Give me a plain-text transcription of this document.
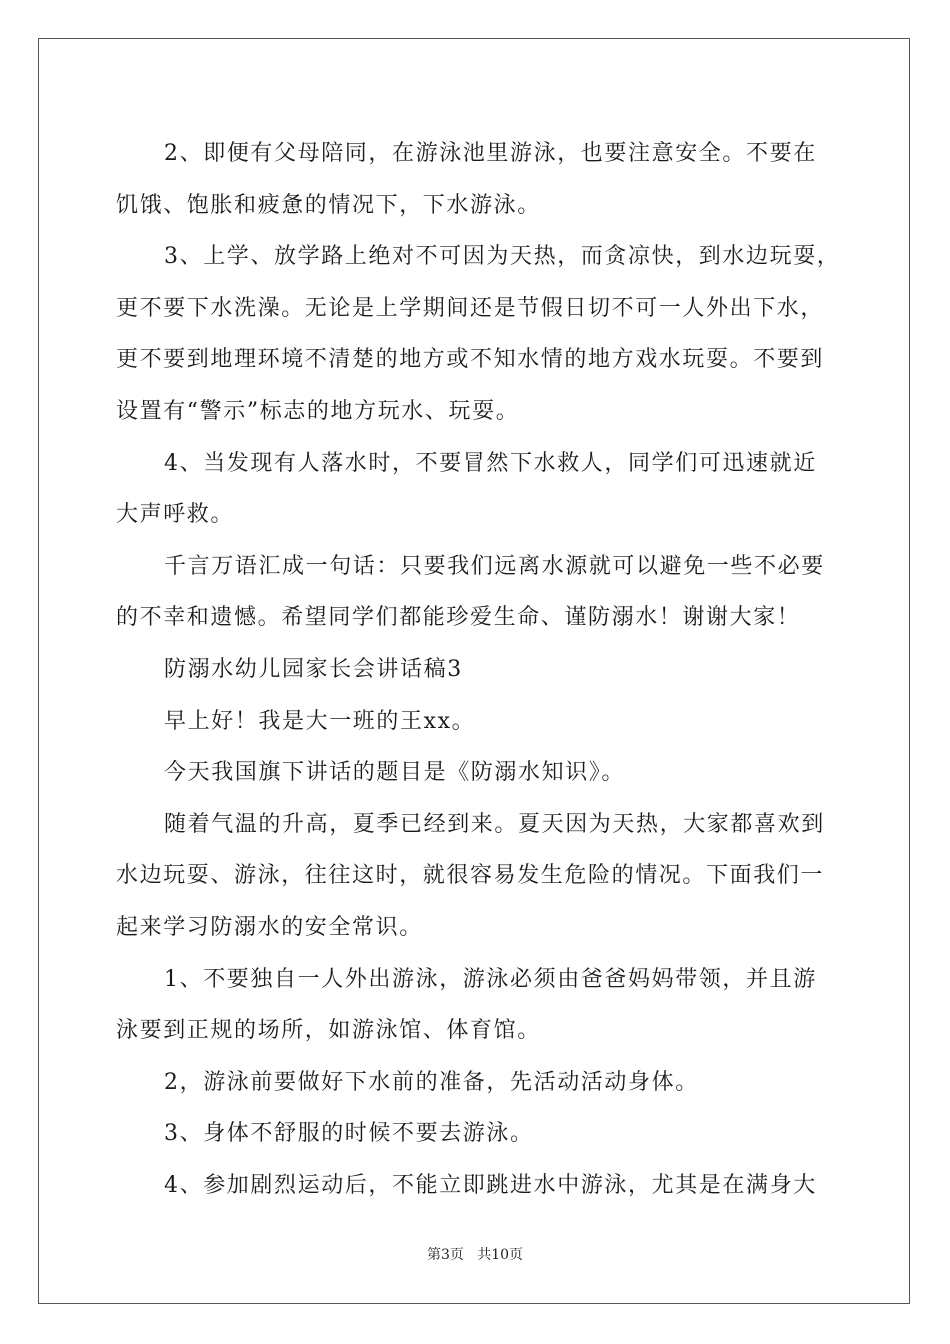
2、即便有父母陪同，在游泳池里游泳，也要注意安全。不要在
饥饿、饱胀和疲惫的情况下，下水游泳。
3、上学、放学路上绝对不可因为天热，而贪凉快，到水边玩耍，
更不要下水洗澡。无论是上学期间还是节假日切不可一人外出下水，
更不要到地理环境不清楚的地方或不知水情的地方戏水玩耍。不要到
设置有“警示”标志的地方玩水、玩耍。
4、当发现有人落水时，不要冒然下水救人，同学们可迅速就近
大声呼救。
千言万语汇成一句话：只要我们远离水源就可以避免一些不必要
的不幸和遗憾。希望同学们都能珍爱生命、谨防溺水！谢谢大家！
防溺水幼儿园家长会讲话稿3
早上好！我是大一班的王xx。
今天我国旗下讲话的题目是《防溺水知识》。
随着气温的升高，夏季已经到来。夏天因为天热，大家都喜欢到
水边玩耍、游泳，往往这时，就很容易发生危险的情况。下面我们一
起来学习防溺水的安全常识。
1、不要独自一人外出游泳，游泳必须由爸爸妈妈带领，并且游
泳要到正规的场所，如游泳馆、体育馆。
2，游泳前要做好下水前的准备，先活动活动身体。
3、身体不舒服的时候不要去游泳。
4、参加剧烈运动后，不能立即跳进水中游泳，尤其是在满身大
第3页   共10页
